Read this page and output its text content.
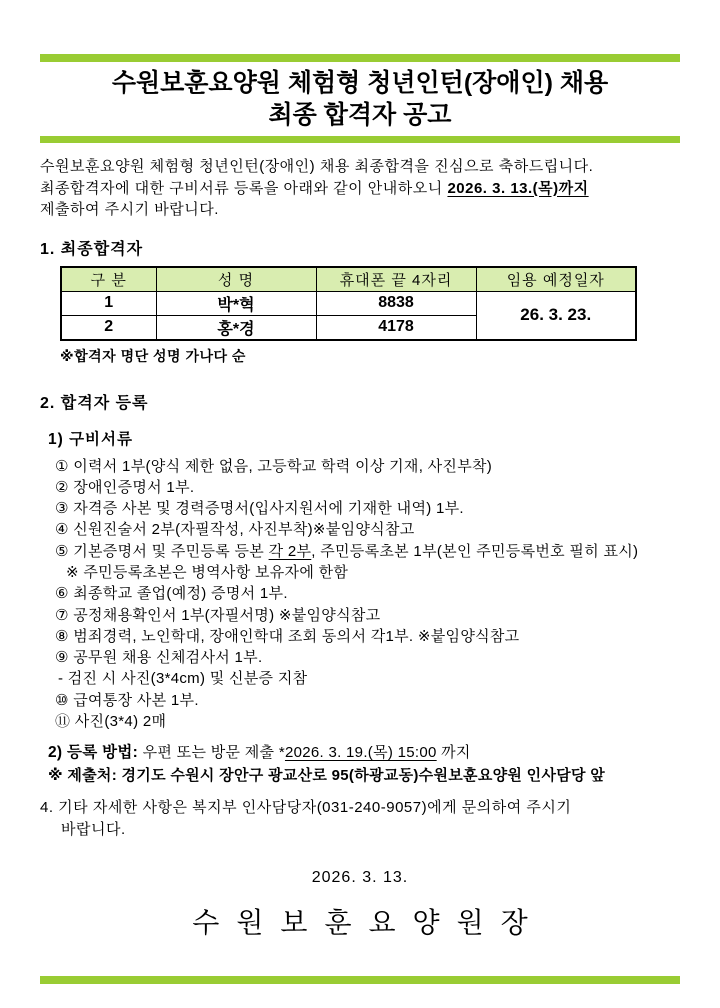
수원보훈요양원 체험형 청년인턴(장애인) 채용
최종 합격자 공고
수원보훈요양원 체험형 청년인턴(장애인) 채용 최종합격을 진심으로 축하드립니다.
최종합격자에 대한 구비서류 등록을 아래와 같이 안내하오니 2026. 3. 13.(목)까지
제출하여 주시기 바랍니다.
1. 최종합격자
구 분	성 명	휴대폰 끝 4자리	임용 예정일자
1	박*혁	8838	26. 3. 23.
2	홍*경	4178	
※합격자 명단 성명 가나다 순
2. 합격자 등록
1) 구비서류
① 이력서 1부(양식 제한 없음, 고등학교 학력 이상 기재, 사진부착)
② 장애인증명서 1부.
③ 자격증 사본 및 경력증명서(입사지원서에 기재한 내역) 1부.
④ 신원진술서 2부(자필작성, 사진부착)※붙임양식참고
⑤ 기본증명서 및 주민등록 등본 각 2부, 주민등록초본 1부(본인 주민등록번호 필히 표시)
※ 주민등록초본은 병역사항 보유자에 한함
⑥ 최종학교 졸업(예정) 증명서 1부.
⑦ 공정채용확인서 1부(자필서명) ※붙임양식참고
⑧ 범죄경력, 노인학대, 장애인학대 조회 동의서 각1부. ※붙임양식참고
⑨ 공무원 채용 신체검사서 1부.
- 검진 시 사진(3*4cm) 및 신분증 지참
⑩ 급여통장 사본 1부.
⑪ 사진(3*4) 2매
2) 등록 방법: 우편 또는 방문 제출 *2026. 3. 19.(목) 15:00 까지
※ 제출처: 경기도 수원시 장안구 광교산로 95(하광교동)수원보훈요양원 인사담당 앞
4. 기타 자세한 사항은 복지부 인사담당자(031-240-9057)에게 문의하여 주시기
바랍니다.
2026. 3. 13.
수원보훈요양원장
